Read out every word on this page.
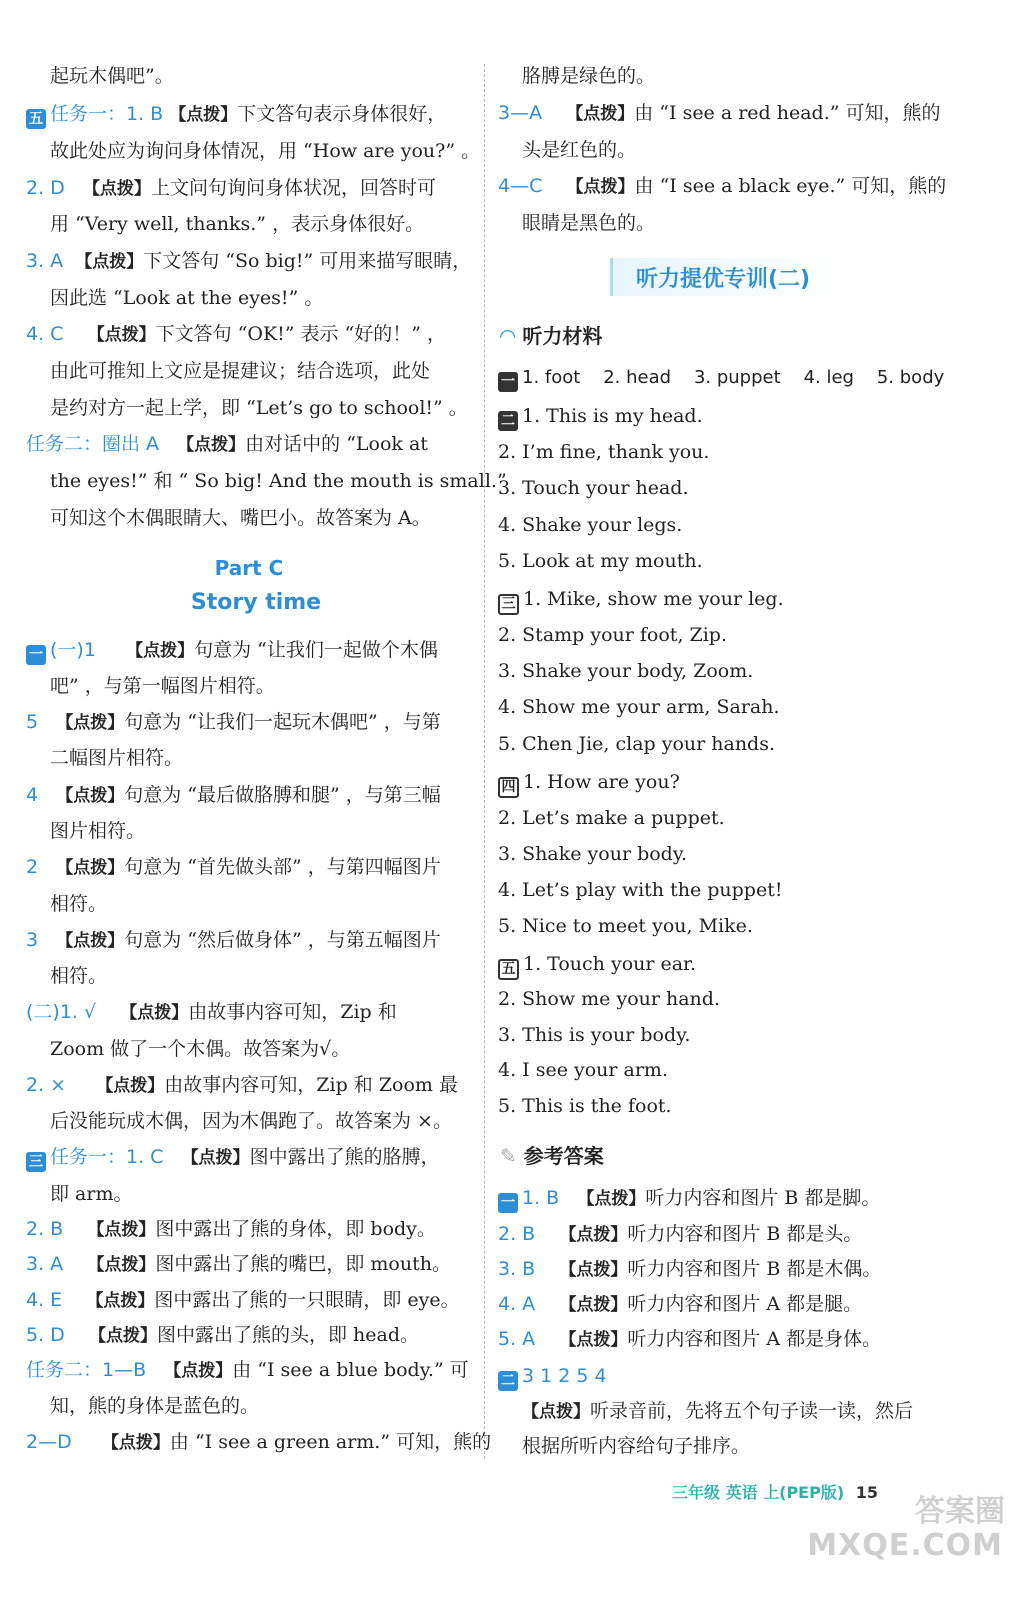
起玩木偶吧”。
五 任务一：1. B 【点拨】下文答句表示身体很好，
故此处应为询问身体情况，用 “How are you?” 。
2. D 【点拨】上文问句询问身体状况，回答时可
用 “Very well, thanks.” ，表示身体很好。
3. A 【点拨】下文答句 “So big!” 可用来描写眼睛，
因此选 “Look at the eyes!” 。
4. C 【点拨】下文答句 “OK!” 表示 “好的！” ，
由此可推知上文应是提建议；结合选项，此处
是约对方一起上学，即 “Let’s go to school!” 。
任务二：圈出 A 【点拨】由对话中的 “Look at
the eyes!” 和 “ So big! And the mouth is small.”
可知这个木偶眼睛大、嘴巴小。故答案为 A。
Part C
Story time
一 (一)1 【点拨】句意为 “让我们一起做个木偶
吧” ，与第一幅图片相符。
5 【点拨】句意为 “让我们一起玩木偶吧” ，与第
二幅图片相符。
4 【点拨】句意为 “最后做胳膊和腿” ，与第三幅
图片相符。
2 【点拨】句意为 “首先做头部” ，与第四幅图片
相符。
3 【点拨】句意为 “然后做身体” ，与第五幅图片
相符。
(二)1. √ 【点拨】由故事内容可知，Zip 和
Zoom 做了一个木偶。故答案为√。
2. × 【点拨】由故事内容可知，Zip 和 Zoom 最
后没能玩成木偶，因为木偶跑了。故答案为 ×。
三 任务一：1. C 【点拨】图中露出了熊的胳膊，
即 arm。
2. B 【点拨】图中露出了熊的身体，即 body。
3. A 【点拨】图中露出了熊的嘴巴，即 mouth。
4. E 【点拨】图中露出了熊的一只眼睛，即 eye。
5. D 【点拨】图中露出了熊的头，即 head。
任务二：1—B 【点拨】由 “I see a blue body.” 可
知，熊的身体是蓝色的。
2—D 【点拨】由 “I see a green arm.” 可知，熊的
胳膊是绿色的。
3—A 【点拨】由 “I see a red head.” 可知，熊的
头是红色的。
4—C 【点拨】由 “I see a black eye.” 可知，熊的
眼睛是黑色的。
听力提优专训(二)
◠ 听力材料
一 1. foot 2. head 3. puppet 4. leg 5. body
二 1. This is my head.
2. I’m fine, thank you.
3. Touch your head.
4. Shake your legs.
5. Look at my mouth.
三 1. Mike, show me your leg.
2. Stamp your foot, Zip.
3. Shake your body, Zoom.
4. Show me your arm, Sarah.
5. Chen Jie, clap your hands.
四 1. How are you?
2. Let’s make a puppet.
3. Shake your body.
4. Let’s play with the puppet!
5. Nice to meet you, Mike.
五 1. Touch your ear.
2. Show me your hand.
3. This is your body.
4. I see your arm.
5. This is the foot.
✎ 参考答案
一 1. B 【点拨】听力内容和图片 B 都是脚。
2. B 【点拨】听力内容和图片 B 都是头。
3. B 【点拨】听力内容和图片 B 都是木偶。
4. A 【点拨】听力内容和图片 A 都是腿。
5. A 【点拨】听力内容和图片 A 都是身体。
二 3 1 2 5 4
【点拨】听录音前，先将五个句子读一读，然后
根据所听内容给句子排序。
三年级 英语 上(PEP版) 15
答案圈
MXQE.COM
